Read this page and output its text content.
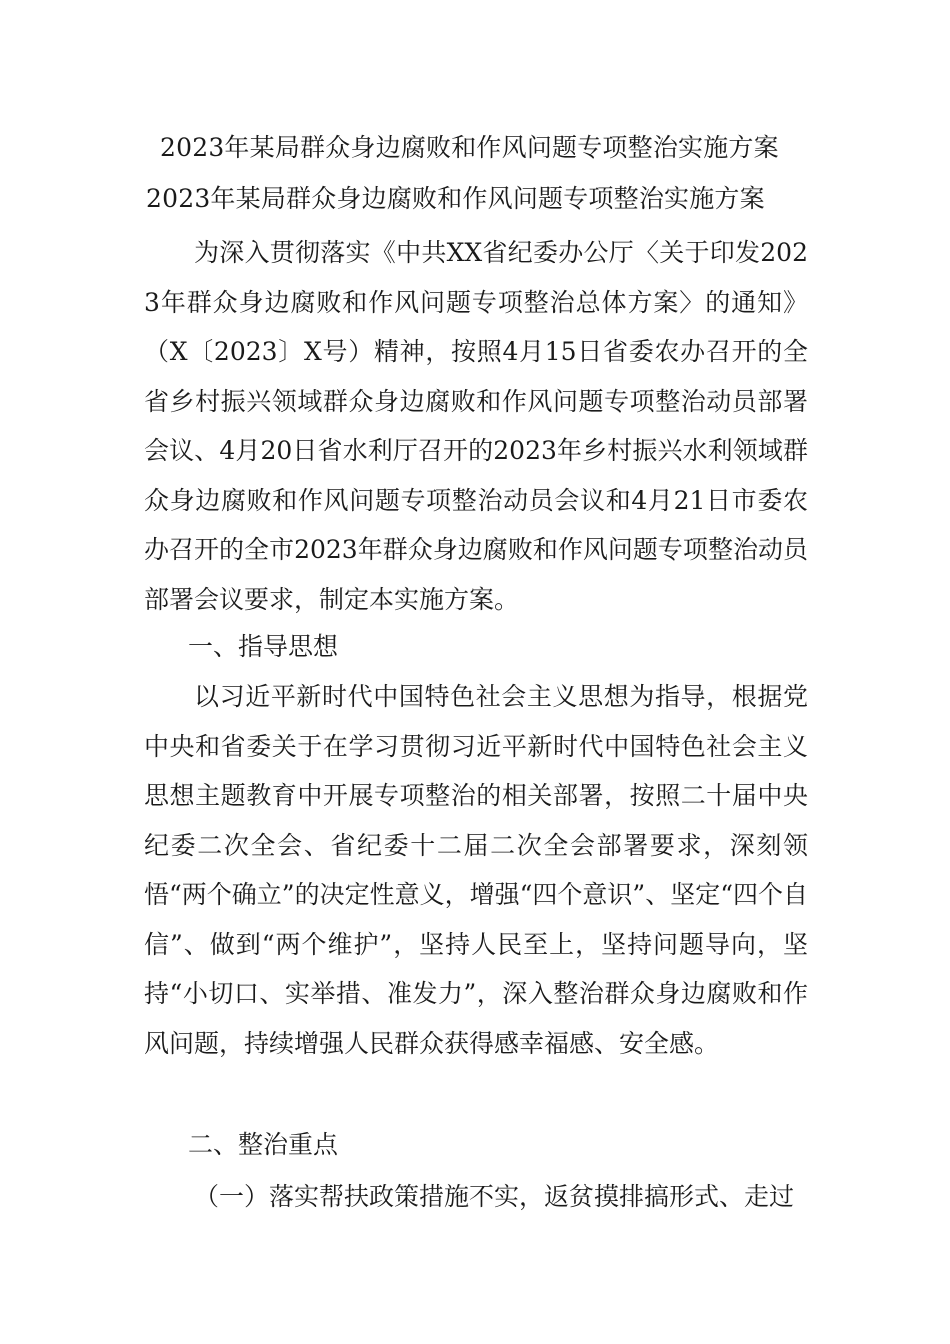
2023年某局群众身边腐败和作风问题专项整治实施方案
2023年某局群众身边腐败和作风问题专项整治实施方案

为深入贯彻落实《中共XX省纪委办公厅〈关于印发2023年群众身边腐败和作风问题专项整治总体方案〉的通知》（X〔2023〕X号）精神，按照4月15日省委农办召开的全省乡村振兴领域群众身边腐败和作风问题专项整治动员部署会议、4月20日省水利厅召开的2023年乡村振兴水利领域群众身边腐败和作风问题专项整治动员会议和4月21日市委农办召开的全市2023年群众身边腐败和作风问题专项整治动员部署会议要求，制定本实施方案。

一、指导思想

以习近平新时代中国特色社会主义思想为指导，根据党中央和省委关于在学习贯彻习近平新时代中国特色社会主义思想主题教育中开展专项整治的相关部署，按照二十届中央纪委二次全会、省纪委十二届二次全会部署要求，深刻领悟“两个确立”的决定性意义，增强“四个意识”、坚定“四个自信”、做到“两个维护”，坚持人民至上，坚持问题导向，坚持“小切口、实举措、准发力”，深入整治群众身边腐败和作风问题，持续增强人民群众获得感幸福感、安全感。

二、整治重点

（一）落实帮扶政策措施不实，返贫摸排搞形式、走过
